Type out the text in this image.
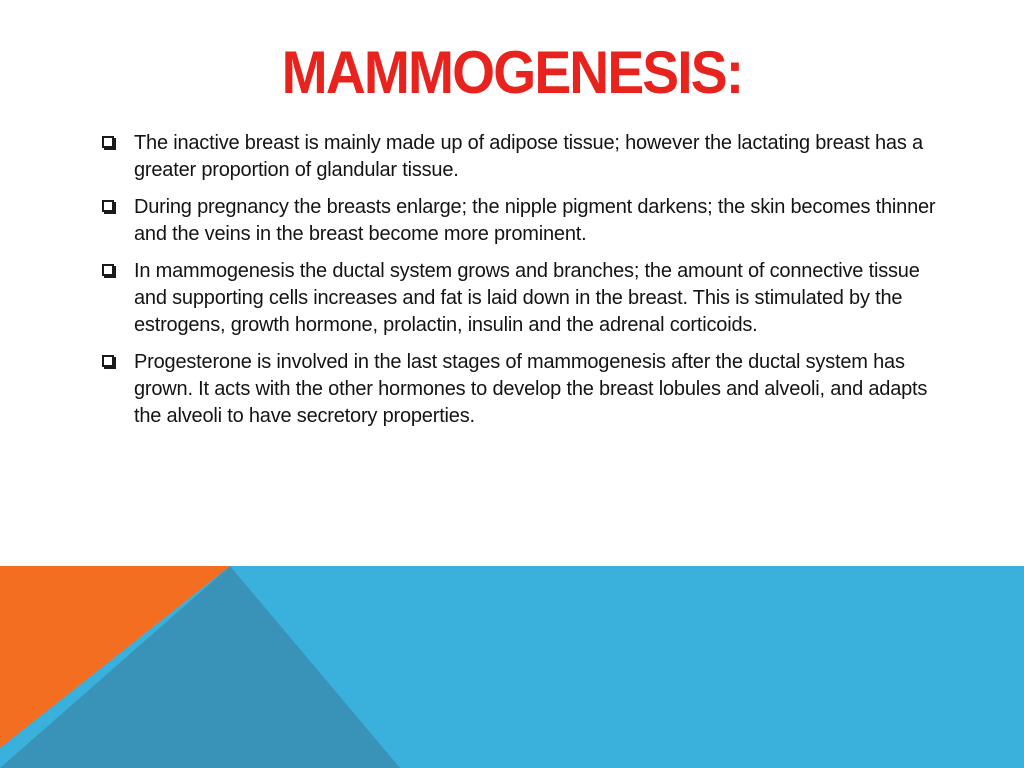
MAMMOGENESIS:
The inactive breast is mainly made up of adipose tissue; however the lactating breast has a greater proportion of glandular tissue.
During pregnancy the breasts enlarge; the nipple pigment darkens; the skin becomes thinner and the veins in the breast become more prominent.
In mammogenesis the ductal system grows and branches; the amount of connective tissue and supporting cells increases and fat is laid down in the breast. This is stimulated by the estrogens, growth hormone, prolactin, insulin and the adrenal corticoids.
Progesterone is involved in the last stages of mammogenesis after the ductal system has grown. It acts with the other hormones to develop the breast lobules and alveoli, and adapts the alveoli to have secretory properties.
